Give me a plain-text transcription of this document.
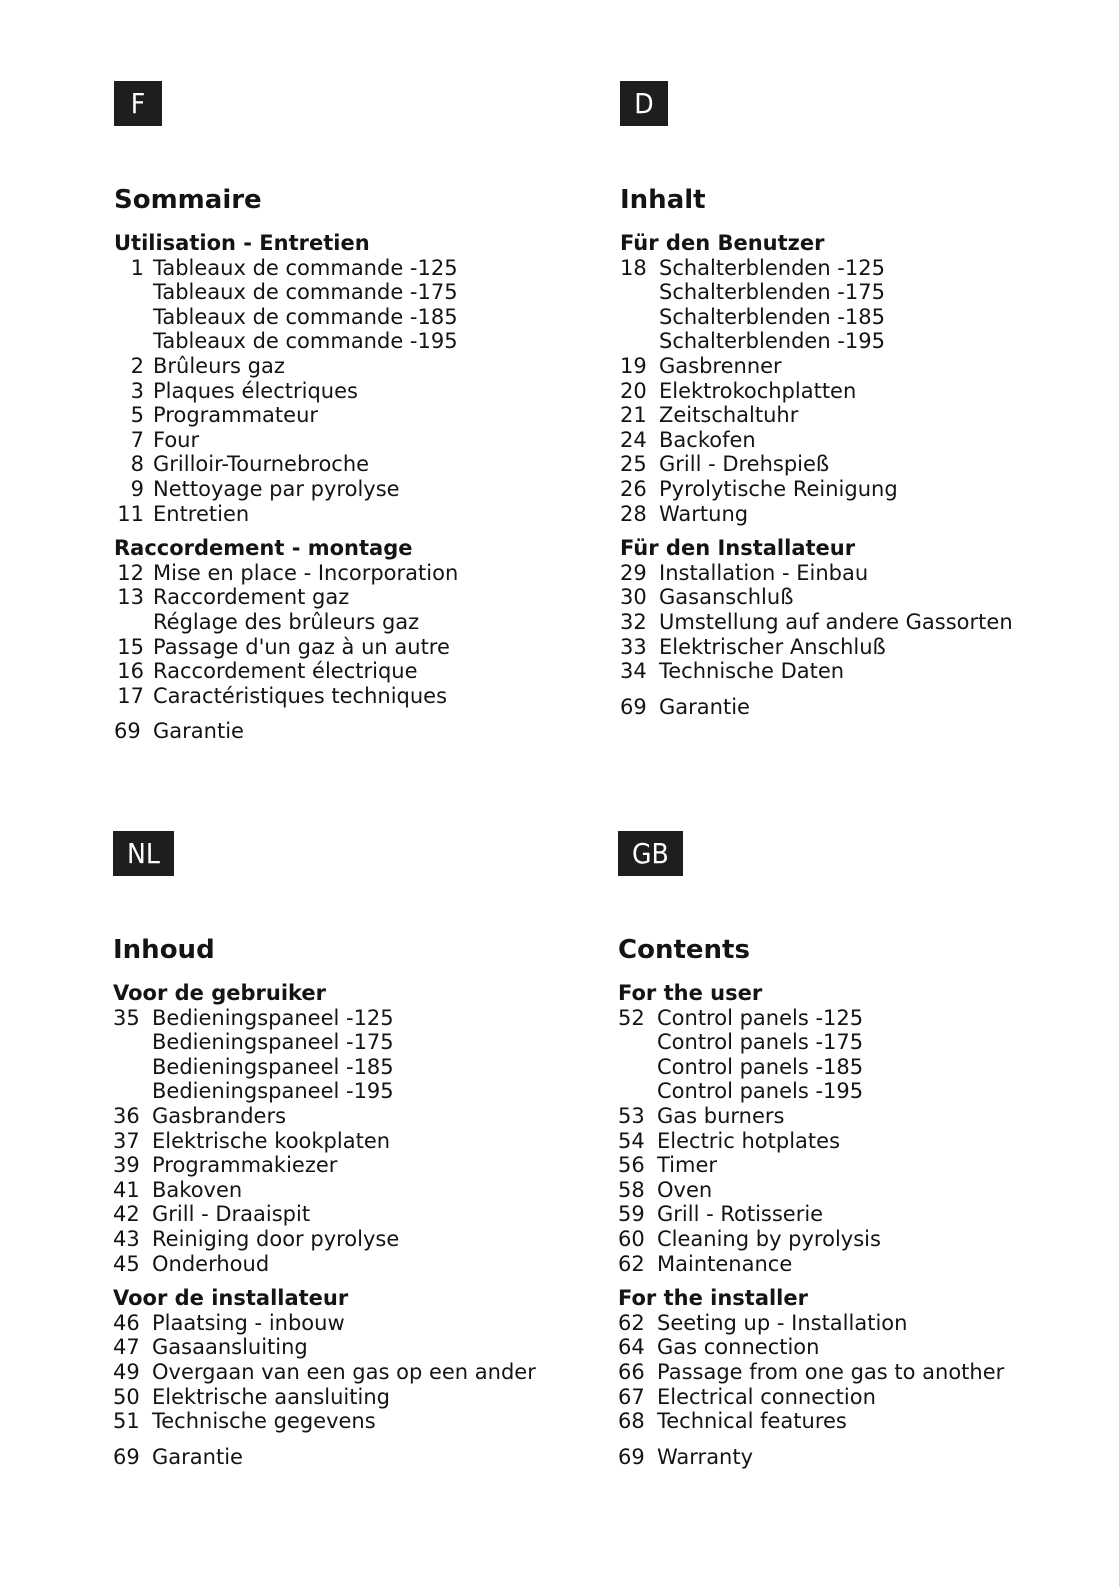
F
Sommaire
Utilisation - Entretien
1 Tableaux de commande -125
Tableaux de commande -175
Tableaux de commande -185
Tableaux de commande -195
2 Brûleurs gaz
3 Plaques électriques
5 Programmateur
7 Four
8 Grilloir-Tournebroche
9 Nettoyage par pyrolyse
11 Entretien
Raccordement - montage
12 Mise en place - Incorporation
13 Raccordement gaz
Réglage des brûleurs gaz
15 Passage d'un gaz à un autre
16 Raccordement électrique
17 Caractéristiques techniques
69 Garantie
D
Inhalt
Für den Benutzer
18 Schalterblenden -125
Schalterblenden -175
Schalterblenden -185
Schalterblenden -195
19 Gasbrenner
20 Elektrokochplatten
21 Zeitschaltuhr
24 Backofen
25 Grill - Drehspieß
26 Pyrolytische Reinigung
28 Wartung
Für den Installateur
29 Installation - Einbau
30 Gasanschluß
32 Umstellung auf andere Gassorten
33 Elektrischer Anschluß
34 Technische Daten
69 Garantie
NL
Inhoud
Voor de gebruiker
35 Bedieningspaneel -125
Bedieningspaneel -175
Bedieningspaneel -185
Bedieningspaneel -195
36 Gasbranders
37 Elektrische kookplaten
39 Programmakiezer
41 Bakoven
42 Grill - Draaispit
43 Reiniging door pyrolyse
45 Onderhoud
Voor de installateur
46 Plaatsing - inbouw
47 Gasaansluiting
49 Overgaan van een gas op een ander
50 Elektrische aansluiting
51 Technische gegevens
69 Garantie
GB
Contents
For the user
52 Control panels -125
Control panels -175
Control panels -185
Control panels -195
53 Gas burners
54 Electric hotplates
56 Timer
58 Oven
59 Grill - Rotisserie
60 Cleaning by pyrolysis
62 Maintenance
For the installer
62 Seeting up - Installation
64 Gas connection
66 Passage from one gas to another
67 Electrical connection
68 Technical features
69 Warranty
